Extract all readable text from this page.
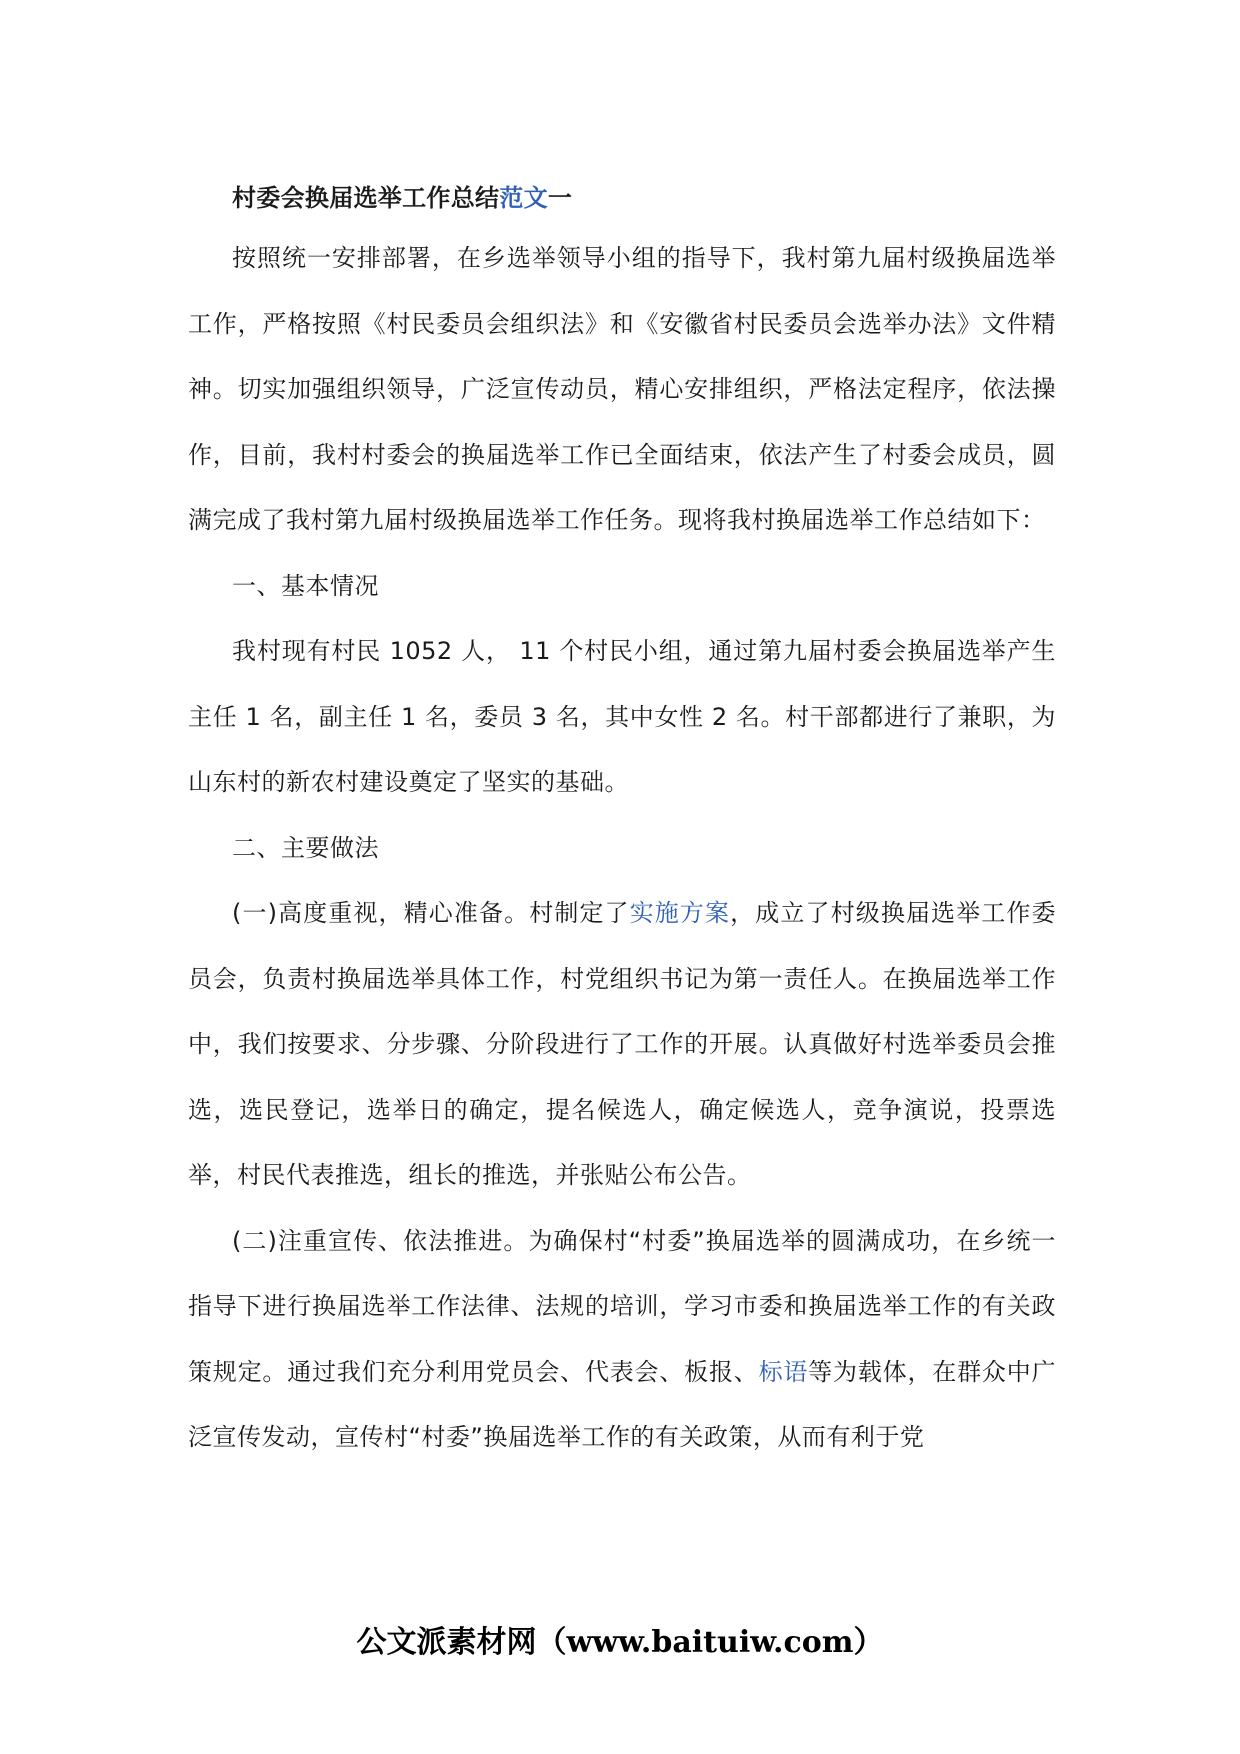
村委会换届选举工作总结范文一

按照统一安排部署，在乡选举领导小组的指导下，我村第九届村级换届选举工作，严格按照《村民委员会组织法》和《安徽省村民委员会选举办法》文件精神。切实加强组织领导，广泛宣传动员，精心安排组织，严格法定程序，依法操作，目前，我村村委会的换届选举工作已全面结束，依法产生了村委会成员，圆满完成了我村第九届村级换届选举工作任务。现将我村换届选举工作总结如下：

一、基本情况

我村现有村民 1052 人， 11 个村民小组，通过第九届村委会换届选举产生主任 1 名，副主任 1 名，委员 3 名，其中女性 2 名。村干部都进行了兼职，为山东村的新农村建设奠定了坚实的基础。

二、主要做法

(一)高度重视，精心准备。村制定了实施方案，成立了村级换届选举工作委员会，负责村换届选举具体工作，村党组织书记为第一责任人。在换届选举工作中，我们按要求、分步骤、分阶段进行了工作的开展。认真做好村选举委员会推选，选民登记，选举日的确定，提名候选人，确定候选人，竞争演说，投票选举，村民代表推选，组长的推选，并张贴公布公告。

(二)注重宣传、依法推进。为确保村“村委”换届选举的圆满成功，在乡统一指导下进行换届选举工作法律、法规的培训，学习市委和换届选举工作的有关政策规定。通过我们充分利用党员会、代表会、板报、标语等为载体，在群众中广泛宣传发动，宣传村“村委”换届选举工作的有关政策，从而有利于党

公文派素材网（www.baituiw.com）
